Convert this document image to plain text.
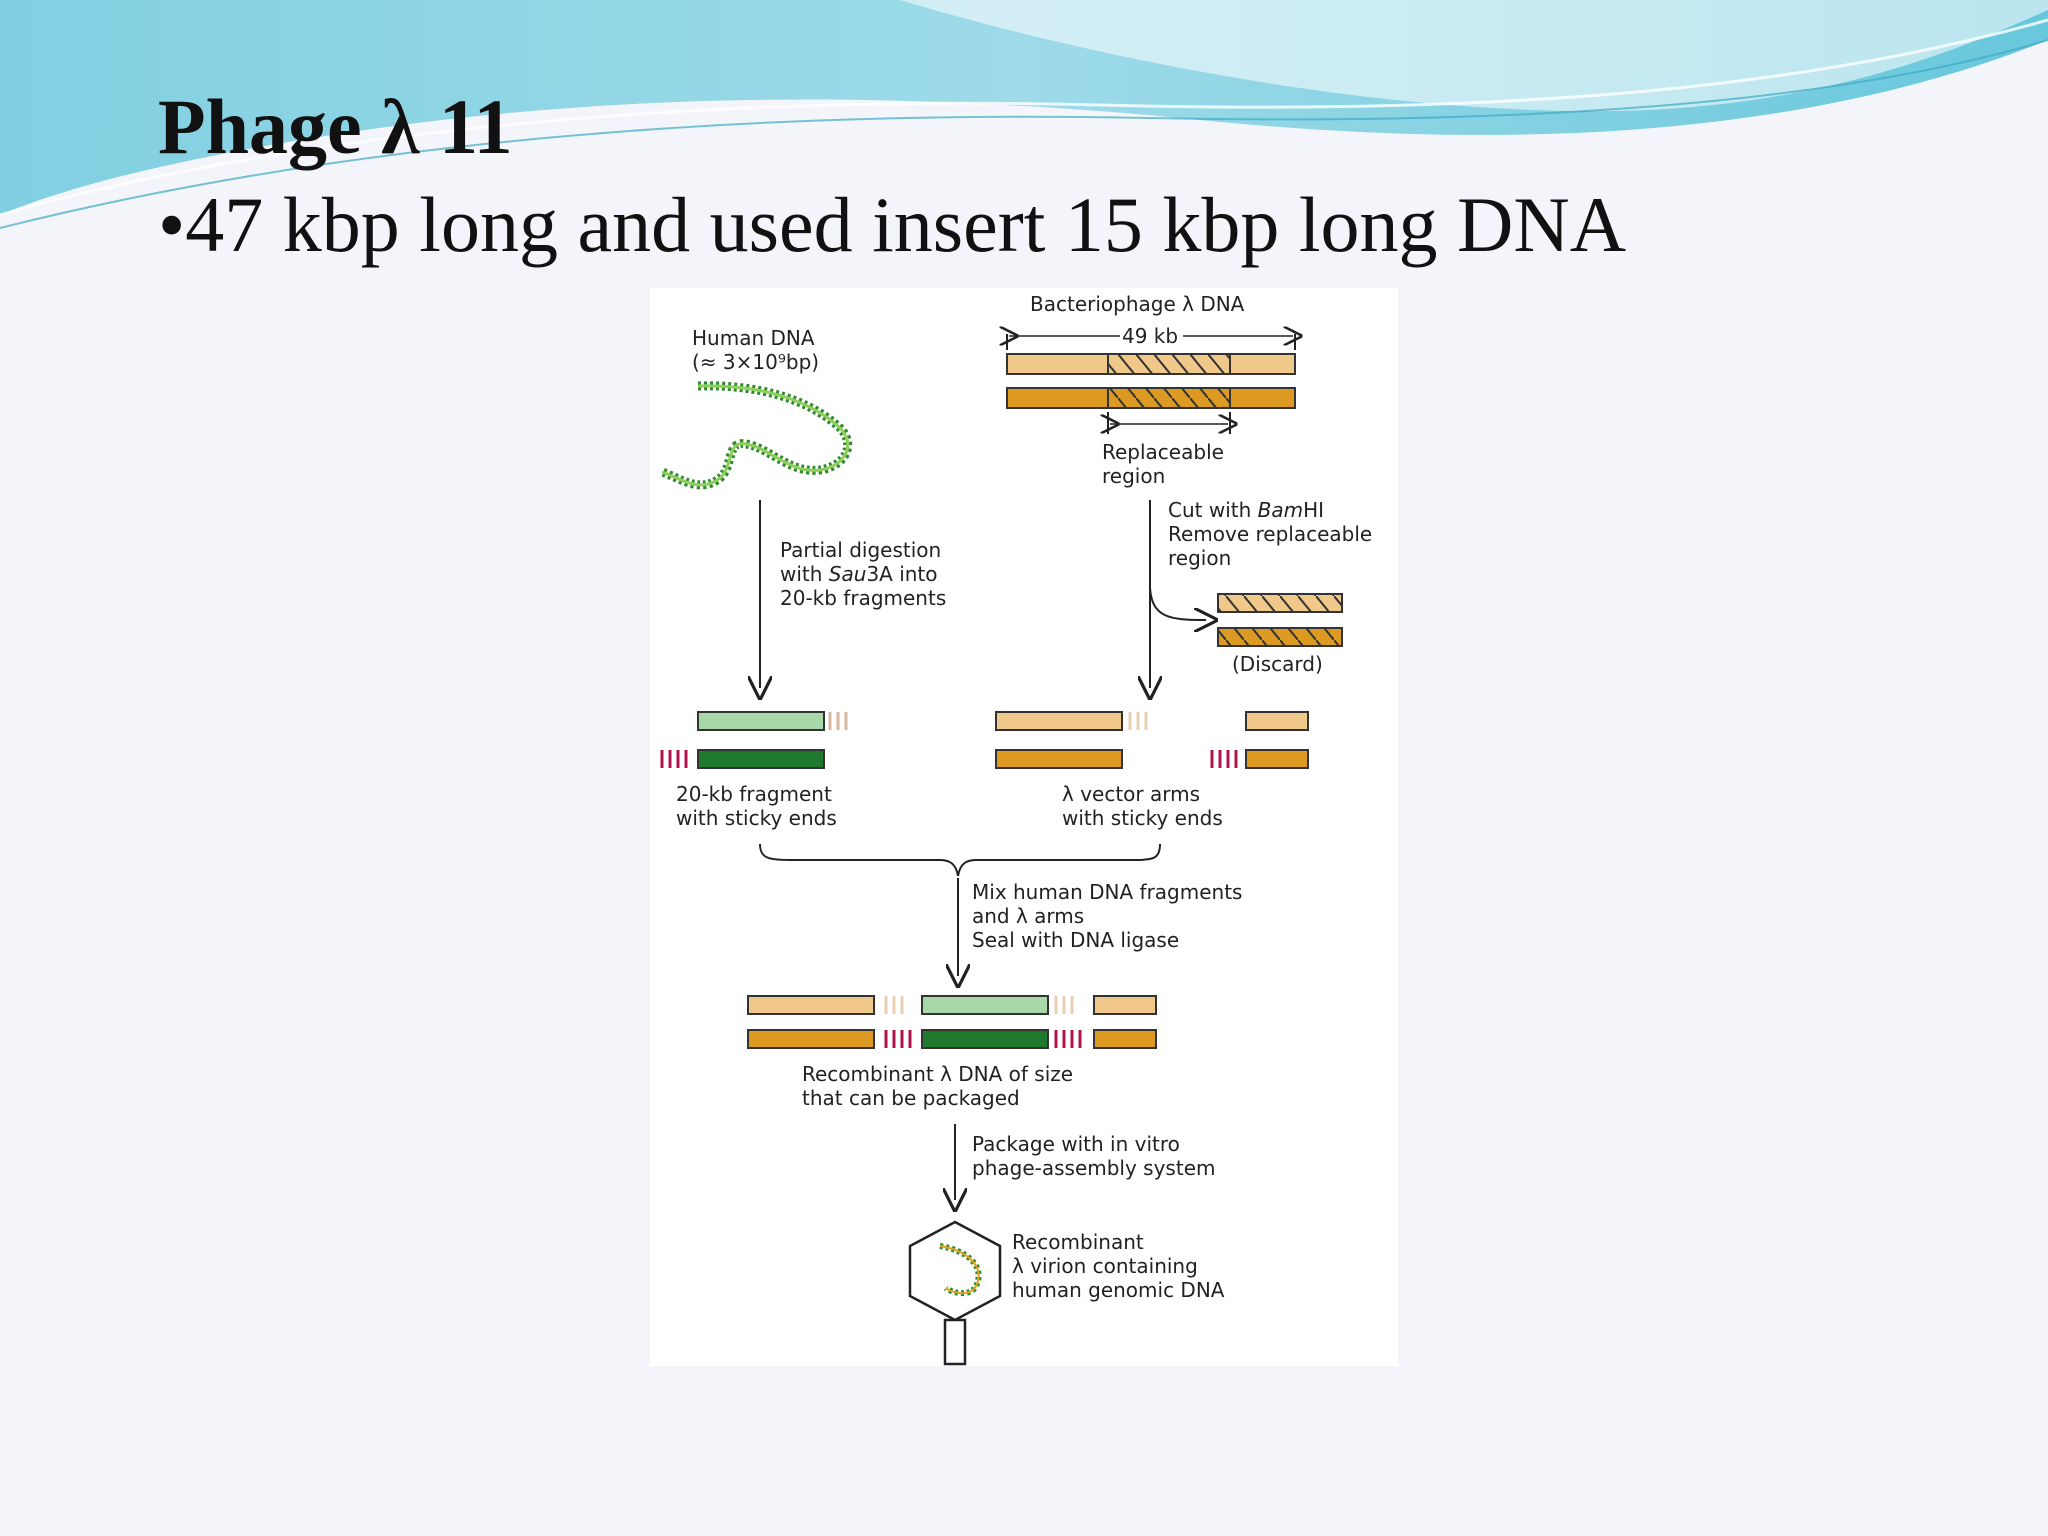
Phage λ 11

•47 kbp long and used insert 15 kbp long DNA

Human DNA
(≈ 3×10⁹bp)
Bacteriophage λ DNA
49 kb
Replaceable
region
Partial digestion
with Sau3A into
20-kb fragments
Cut with BamHI
Remove replaceable
region
(Discard)
20-kb fragment
with sticky ends
λ vector arms
with sticky ends
Mix human DNA fragments
and λ arms
Seal with DNA ligase
Recombinant λ DNA of size
that can be packaged
Package with in vitro
phage-assembly system
Recombinant
λ virion containing
human genomic DNA
